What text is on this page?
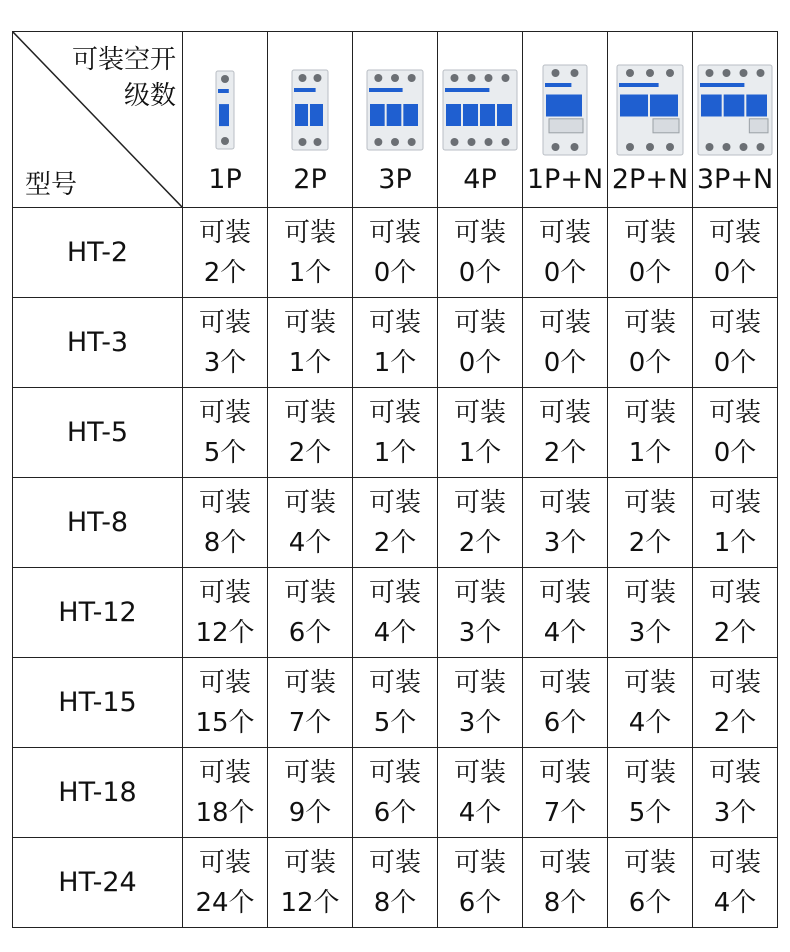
可装空开
级数
型号	1P	2P	3P	4P	1P+N	2P+N	3P+N

HT-2	可装
2个	可装
1个	可装
0个	可装
0个	可装
0个	可装
0个	可装
0个

HT-3	可装
3个	可装
1个	可装
1个	可装
0个	可装
0个	可装
0个	可装
0个

HT-5	可装
5个	可装
2个	可装
1个	可装
1个	可装
2个	可装
1个	可装
0个

HT-8	可装
8个	可装
4个	可装
2个	可装
2个	可装
3个	可装
2个	可装
1个

HT-12	可装
12个	可装
6个	可装
4个	可装
3个	可装
4个	可装
3个	可装
2个

HT-15	可装
15个	可装
7个	可装
5个	可装
3个	可装
6个	可装
4个	可装
2个

HT-18	可装
18个	可装
9个	可装
6个	可装
4个	可装
7个	可装
5个	可装
3个

HT-24	可装
24个	可装
12个	可装
8个	可装
6个	可装
8个	可装
6个	可装
4个
